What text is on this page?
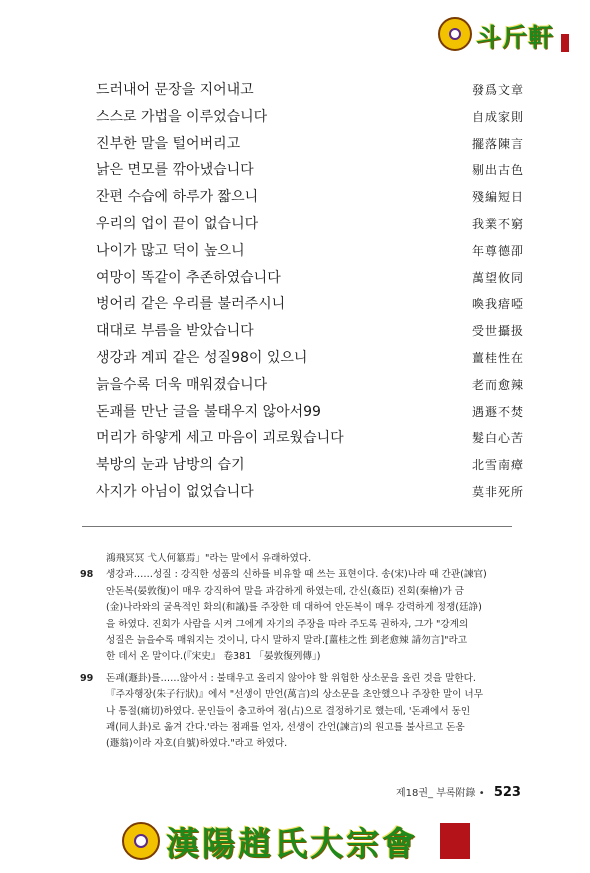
斗斤軒
드러내어 문장을 지어내고	發爲文章
스스로 가법을 이루었습니다	自成家則
진부한 말을 털어버리고	擺落陳言
낡은 면모를 깎아냈습니다	剔出古色
잔편 수습에 하루가 짧으니	殘編短日
우리의 업이 끝이 없습니다	我業不窮
나이가 많고 덕이 높으니	年尊德卲
여망이 똑같이 추존하였습니다	萬望攸同
벙어리 같은 우리를 불러주시니	喚我瘖啞
대대로 부름을 받았습니다	受世攝扱
생강과 계피 같은 성질98이 있으니	薑桂性在
늙을수록 더욱 매워졌습니다	老而愈辣
돈괘를 만난 글을 불태우지 않아서99	遇遯不焚
머리가 하얗게 세고 마음이 괴로웠습니다	髮白心苦
북방의 눈과 남방의 습기	北雪南瘴
사지가 아님이 없었습니다	莫非死所
鴻飛冥冥 弋人何簒焉」"라는 말에서 유래하였다.
98 생강과……성질 : 강직한 성품의 신하를 비유할 때 쓰는 표현이다. 송(宋)나라 때 간관(諫官)
안돈복(晏敦復)이 매우 강직하여 말을 과감하게 하였는데, 간신(姦臣) 진회(秦檜)가 금
(金)나라와의 굴욕적인 화의(和議)를 주장한 데 대하여 안돈복이 매우 강력하게 정쟁(廷諍)
을 하였다. 진회가 사람을 시켜 그에게 자기의 주장을 따라 주도록 권하자, 그가 "강계의
성질은 늙을수록 매워지는 것이니, 다시 말하지 말라.[薑桂之性 到老愈辣 請勿言]"라고
한 데서 온 말이다.(『宋史』 卷381 「晏敦復列傳」)
99 돈괘(遯卦)를……않아서 : 불태우고 올리지 않아야 할 위험한 상소문을 올린 것을 말한다.
『주자행장(朱子行狀)』에서 "선생이 만언(萬言)의 상소문을 초안했으나 주장한 말이 너무
나 통절(痛切)하였다. 문인들이 충고하여 점(占)으로 결정하기로 했는데, '돈괘에서 동인
괘(同人卦)로 옮겨 간다.'라는 점괘를 얻자, 선생이 간언(諫言)의 원고를 불사르고 돈옹
(遯翁)이라 자호(自號)하였다."라고 하였다.
제18권_ 부록附錄 • 523
漢陽趙氏大宗會
